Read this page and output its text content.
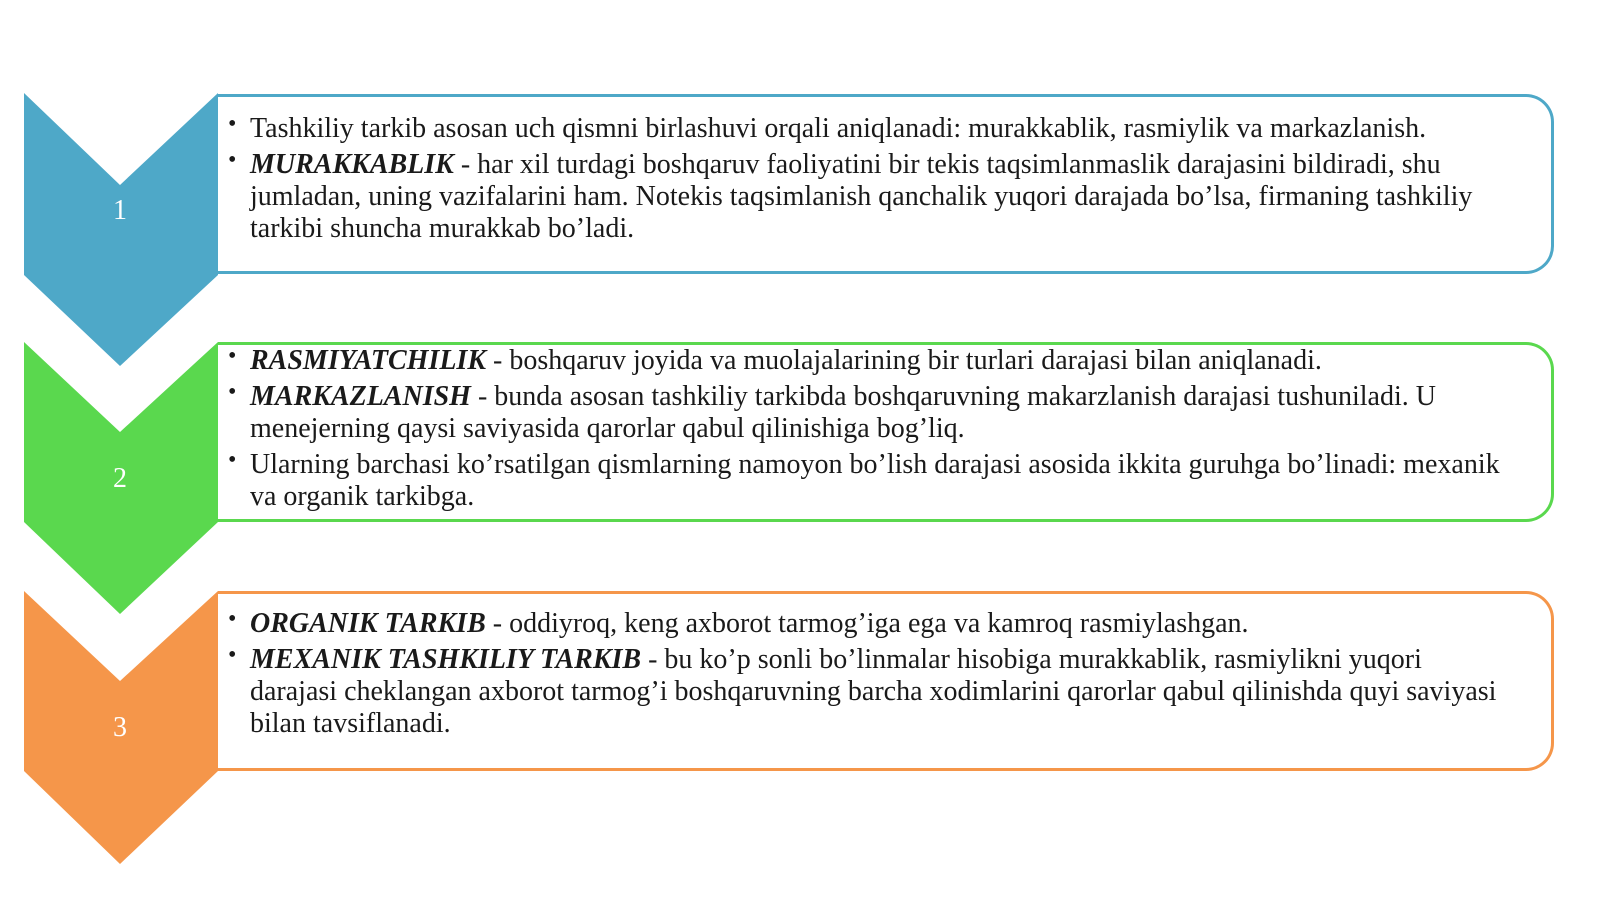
1
2
3
• Tashkiliy tarkib asosan uch qismni birlashuvi orqali aniqlanadi: murakkablik, rasmiylik va markazlanish.
• MURAKKABLIK - har xil turdagi boshqaruv faoliyatini bir tekis taqsimlanmaslik darajasini bildiradi, shu jumladan, uning vazifalarini ham. Notekis taqsimlanish qanchalik yuqori darajada bo’lsa, firmaning tashkiliy tarkibi shuncha murakkab bo’ladi.
• RASMIYATCHILIK - boshqaruv joyida va muolajalarining bir turlari darajasi bilan aniqlanadi.
• MARKAZLANISH - bunda asosan tashkiliy tarkibda boshqaruvning makarzlanish darajasi tushuniladi. U menejerning qaysi saviyasida qarorlar qabul qilinishiga bog’liq.
• Ularning barchasi ko’rsatilgan qismlarning namoyon bo’lish darajasi asosida ikkita guruhga bo’linadi: mexanik va organik tarkibga.
• ORGANIK TARKIB - oddiyroq, keng axborot tarmog’iga ega va kamroq rasmiylashgan.
• MEXANIK TASHKILIY TARKIB - bu ko’p sonli bo’linmalar hisobiga murakkablik, rasmiylikni yuqori darajasi cheklangan axborot tarmog’i boshqaruvning barcha xodimlarini qarorlar qabul qilinishda quyi saviyasi bilan tavsiflanadi.
